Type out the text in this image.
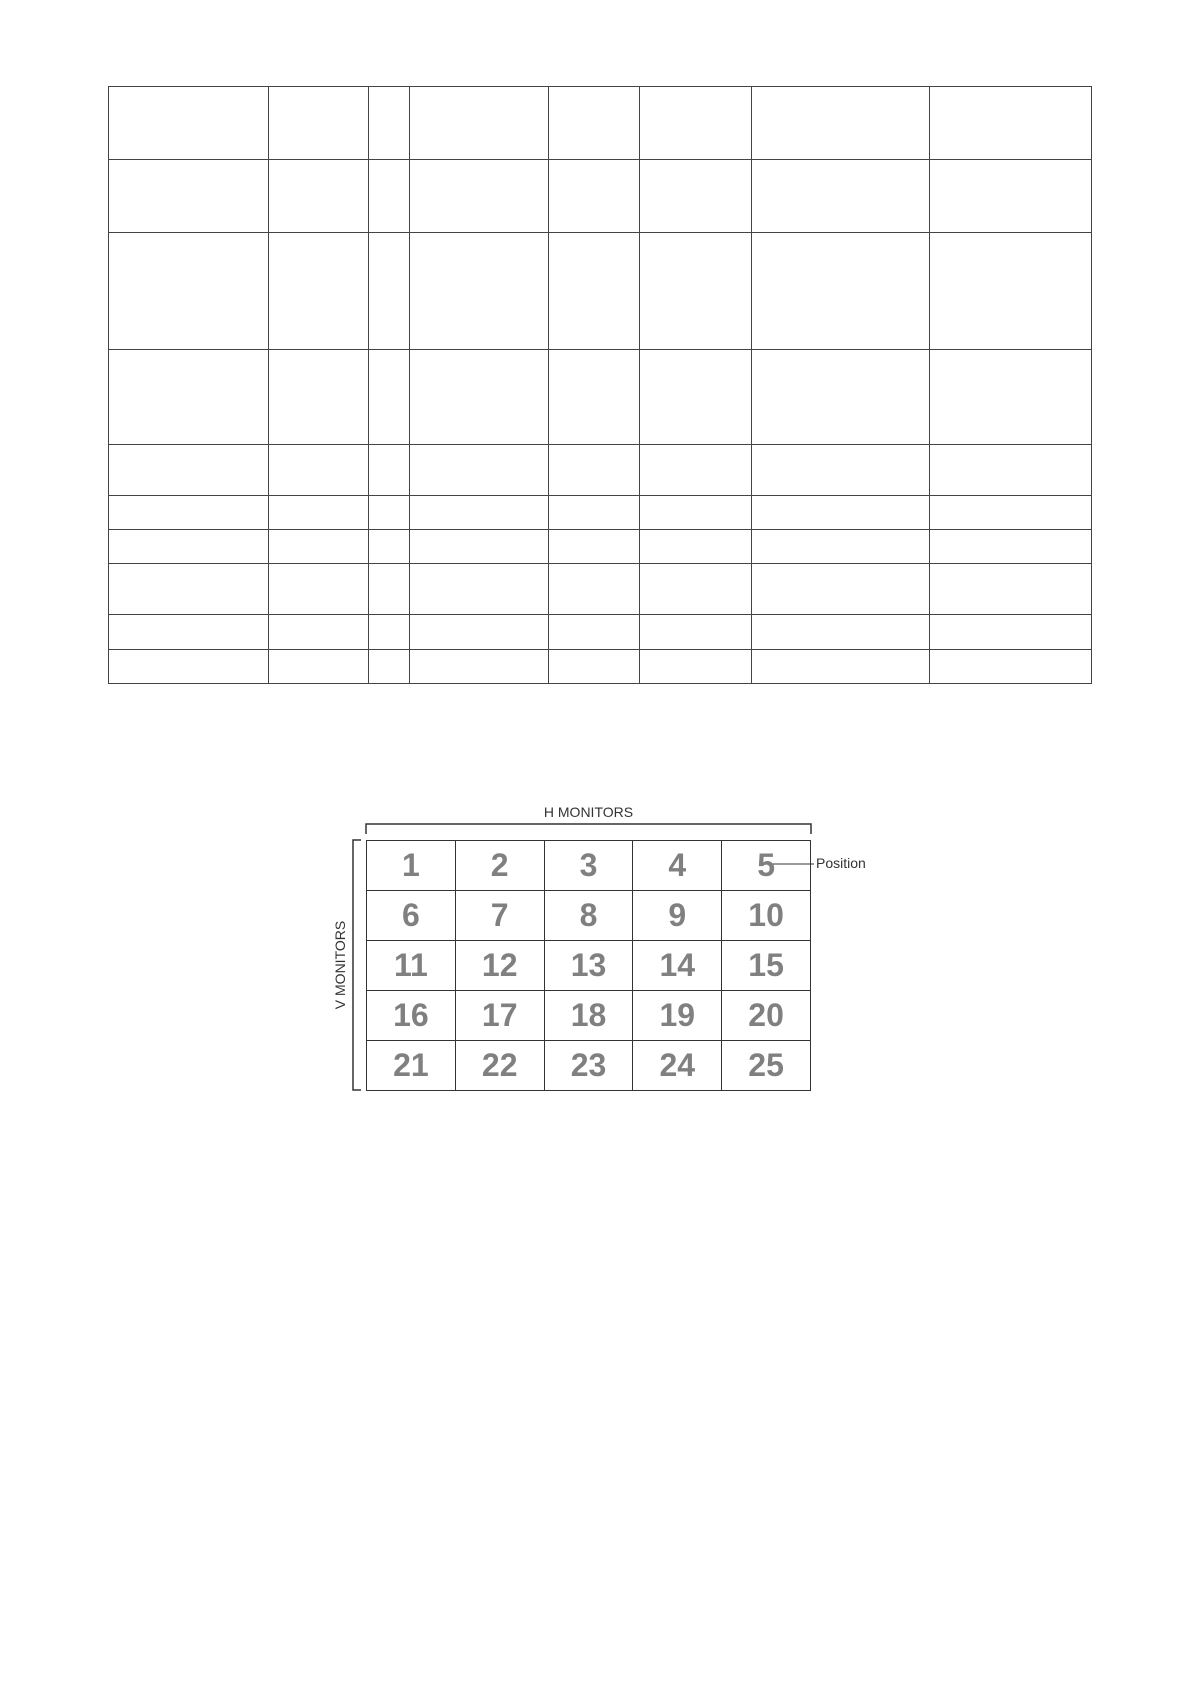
H MONITORS
V MONITORS
Position
1	2	3	4	5
6	7	8	9	10
11	12	13	14	15
16	17	18	19	20
21	22	23	24	25
